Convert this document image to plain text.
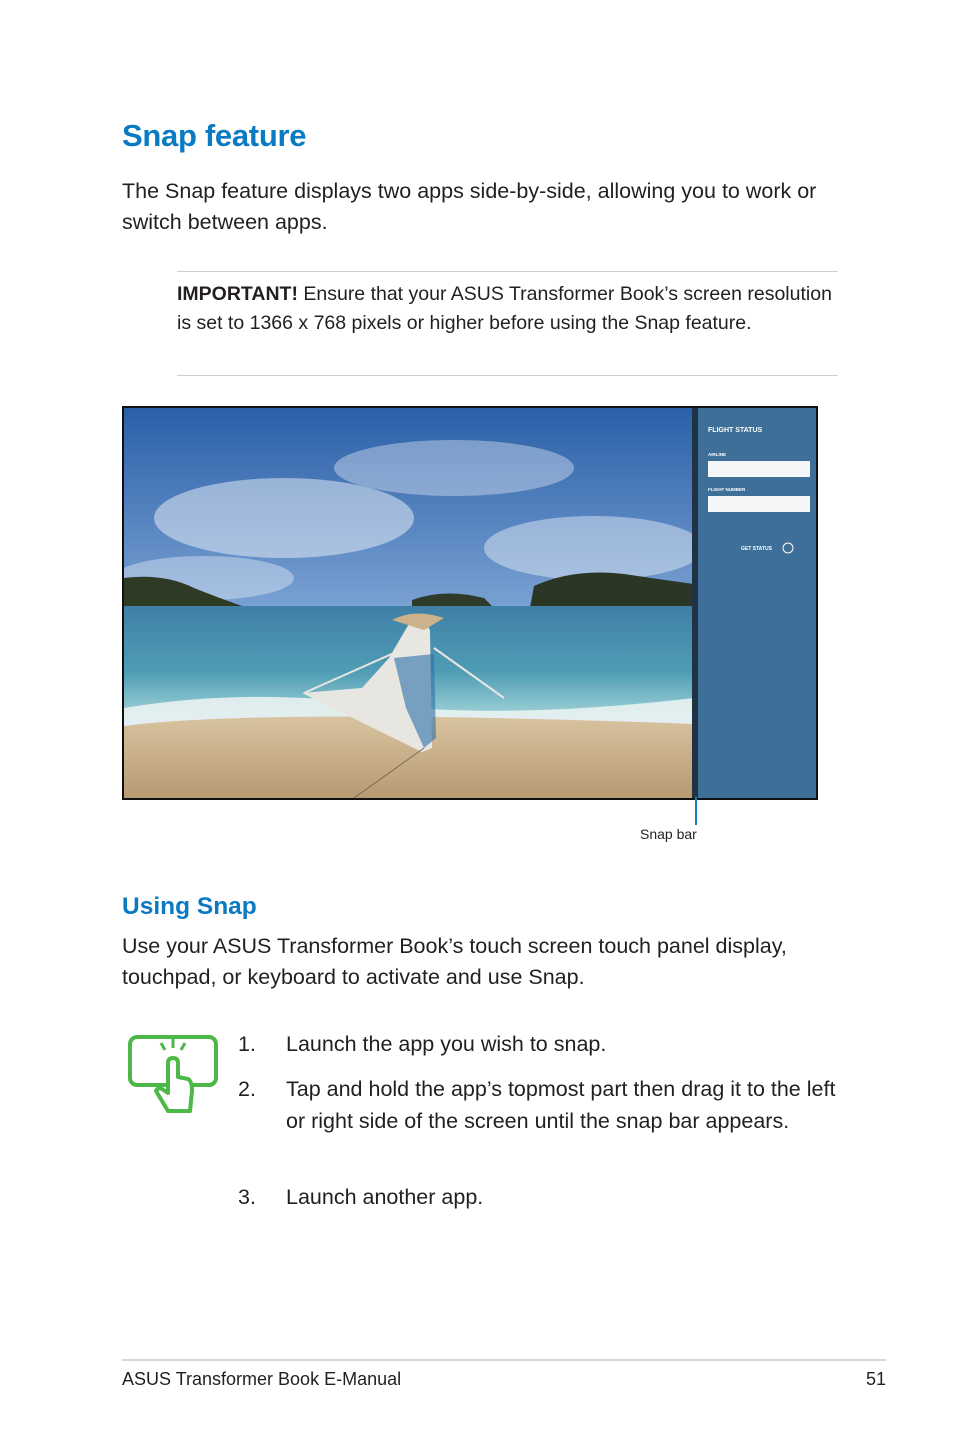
Snap feature

The Snap feature displays two apps side-by-side, allowing you to work or switch between apps.

IMPORTANT! Ensure that your ASUS Transformer Book’s screen resolution is set to 1366 x 768 pixels or higher before using the Snap feature.

FLIGHT STATUS
AIRLINE
FLIGHT NUMBER
GET STATUS
Snap bar
Using Snap

Use your ASUS Transformer Book’s touch screen touch panel display, touchpad, or keyboard to activate and use Snap.

1.	Launch the app you wish to snap.
2.	Tap and hold the app’s topmost part then drag it to the left or right side of the screen until the snap bar appears.
3.	Launch another app.
ASUS Transformer Book E-Manual	51
